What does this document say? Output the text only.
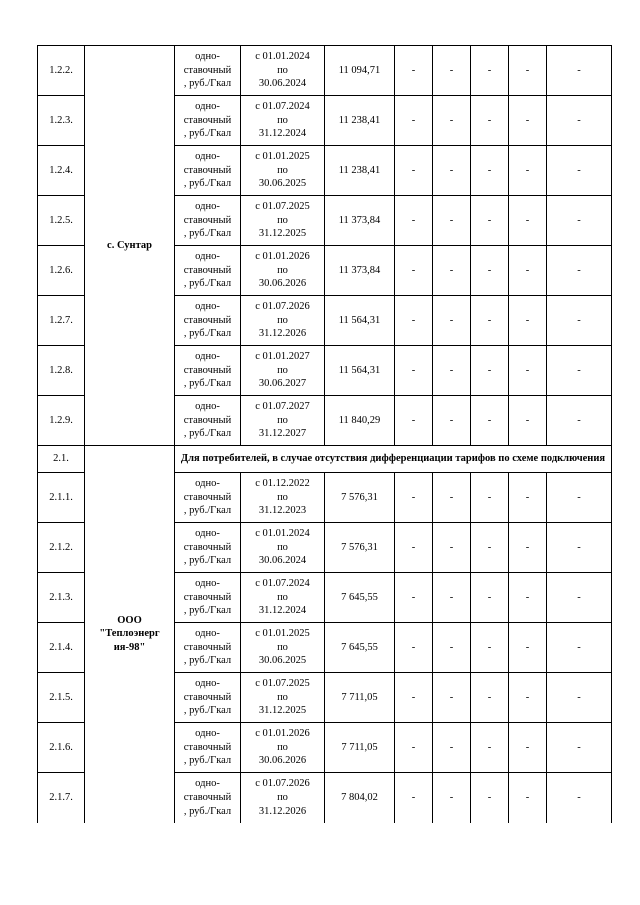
1.2.2.	с. Сунтар	одно-
ставочный
, руб./Гкал	с 01.01.2024
по
30.06.2024	11 094,71	-	-	-	-	-
1.2.3.		одно-
ставочный
, руб./Гкал	с 01.07.2024
по
31.12.2024	11 238,41	-	-	-	-	-
1.2.4.		одно-
ставочный
, руб./Гкал	с 01.01.2025
по
30.06.2025	11 238,41	-	-	-	-	-
1.2.5.		одно-
ставочный
, руб./Гкал	с 01.07.2025
по
31.12.2025	11 373,84	-	-	-	-	-
1.2.6.		одно-
ставочный
, руб./Гкал	с 01.01.2026
по
30.06.2026	11 373,84	-	-	-	-	-
1.2.7.		одно-
ставочный
, руб./Гкал	с 01.07.2026
по
31.12.2026	11 564,31	-	-	-	-	-
1.2.8.		одно-
ставочный
, руб./Гкал	с 01.01.2027
по
30.06.2027	11 564,31	-	-	-	-	-
1.2.9.		одно-
ставочный
, руб./Гкал	с 01.07.2027
по
31.12.2027	11 840,29	-	-	-	-	-
2.1.	ООО
"Теплоэнерг
ия-98"	Для потребителей, в случае отсутствия дифференциации тарифов по схеме подключения							
2.1.1.		одно-
ставочный
, руб./Гкал	с 01.12.2022
по
31.12.2023	7 576,31	-	-	-	-	-
2.1.2.		одно-
ставочный
, руб./Гкал	с 01.01.2024
по
30.06.2024	7 576,31	-	-	-	-	-
2.1.3.		одно-
ставочный
, руб./Гкал	с 01.07.2024
по
31.12.2024	7 645,55	-	-	-	-	-
2.1.4.		одно-
ставочный
, руб./Гкал	с 01.01.2025
по
30.06.2025	7 645,55	-	-	-	-	-
2.1.5.		одно-
ставочный
, руб./Гкал	с 01.07.2025
по
31.12.2025	7 711,05	-	-	-	-	-
2.1.6.		одно-
ставочный
, руб./Гкал	с 01.01.2026
по
30.06.2026	7 711,05	-	-	-	-	-
2.1.7.		одно-
ставочный
, руб./Гкал	с 01.07.2026
по
31.12.2026	7 804,02	-	-	-	-	-
